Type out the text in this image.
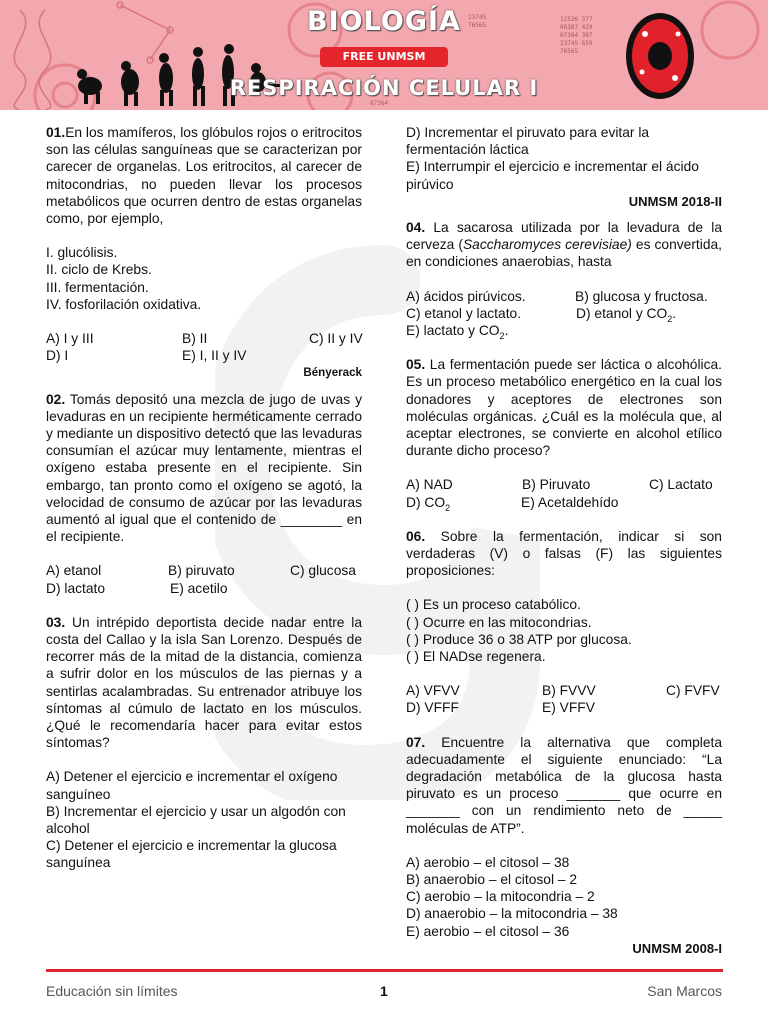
12526 377
06387 429
07384 387
23745 659
76565
23745
76565
87364
BIOLOGÍA
FREE UNMSM
RESPIRACIÓN CELULAR I

01.En los mamíferos, los glóbulos rojos o eritrocitos son las células sanguíneas que se caracterizan por carecer de organelas. Los eritrocitos, al carecer de mitocondrias, no pueden llevar los procesos metabólicos que ocurren dentro de estas organelas como, por ejemplo,

I. glucólisis.

II. ciclo de Krebs.

III. fermentación.

IV. fosforilación oxidativa.

A) I y III	B) II	C) II y IV
D) I	E) I, II y IV

Bényerack

02. Tomás depositó una mezcla de jugo de uvas y levaduras en un recipiente herméticamente cerrado y mediante un dispositivo detectó que las levaduras consumían el azúcar muy lentamente, mientras el oxígeno estaba presente en el recipiente. Sin embargo, tan pronto como el oxígeno se agotó, la velocidad de consumo de azúcar por las levaduras aumentó al igual que el contenido de ________ en el recipiente.

A) etanol	B) piruvato	C) glucosa
D) lactato	E) acetilo

03. Un intrépido deportista decide nadar entre la costa del Callao y la isla San Lorenzo. Después de recorrer más de la mitad de la distancia, comienza a sufrir dolor en los músculos de las piernas y a sentirlas acalambradas. Su entrenador atribuye los síntomas al cúmulo de lactato en los músculos. ¿Qué le recomendaría hacer para evitar estos síntomas?

A) Detener el ejercicio e incrementar el oxígeno sanguíneo

B) Incrementar el ejercicio y usar un algodón con alcohol

C) Detener el ejercicio e incrementar la glucosa sanguínea

D) Incrementar el piruvato para evitar la fermentación láctica

E) Interrumpir el ejercicio e incrementar el ácido pirúvico

UNMSM 2018-II

04. La sacarosa utilizada por la levadura de la cerveza (Saccharomyces cerevisiae) es convertida, en condiciones anaerobias, hasta

A) ácidos pirúvicos.	B) glucosa y fructosa.
C) etanol y lactato.	D) etanol y $CO_2$.
E) lactato y $CO_2$.

05. La fermentación puede ser láctica o alcohólica. Es un proceso metabólico energético en la cual los donadores y aceptores de electrones son moléculas orgánicas. ¿Cuál es la molécula que, al aceptar electrones, se convierte en alcohol etílico durante dicho proceso?

A) NAD	B) Piruvato	C) Lactato
D) $CO_2$	E) Acetaldehído

06. Sobre la fermentación, indicar si son verdaderas (V) o falsas (F) las siguientes proposiciones:

( ) Es un proceso catabólico.

( ) Ocurre en las mitocondrias.

( ) Produce 36 o 38 ATP por glucosa.

( ) El NADse regenera.

A) VFVV	B) FVVV	C) FVFV
D) VFFF	E) VFFV

07. Encuentre la alternativa que completa adecuadamente el siguiente enunciado: “La degradación metabólica de la glucosa hasta piruvato es un proceso _______ que ocurre en _______ con un rendimiento neto de _____ moléculas de ATP”.

A) aerobio – el citosol – 38

B) anaerobio – el citosol – 2

C) aerobio – la mitocondria – 2

D) anaerobio – la mitocondria – 38

E) aerobio – el citosol – 36

UNMSM 2008-I

Educación sin límites	1	San Marcos
